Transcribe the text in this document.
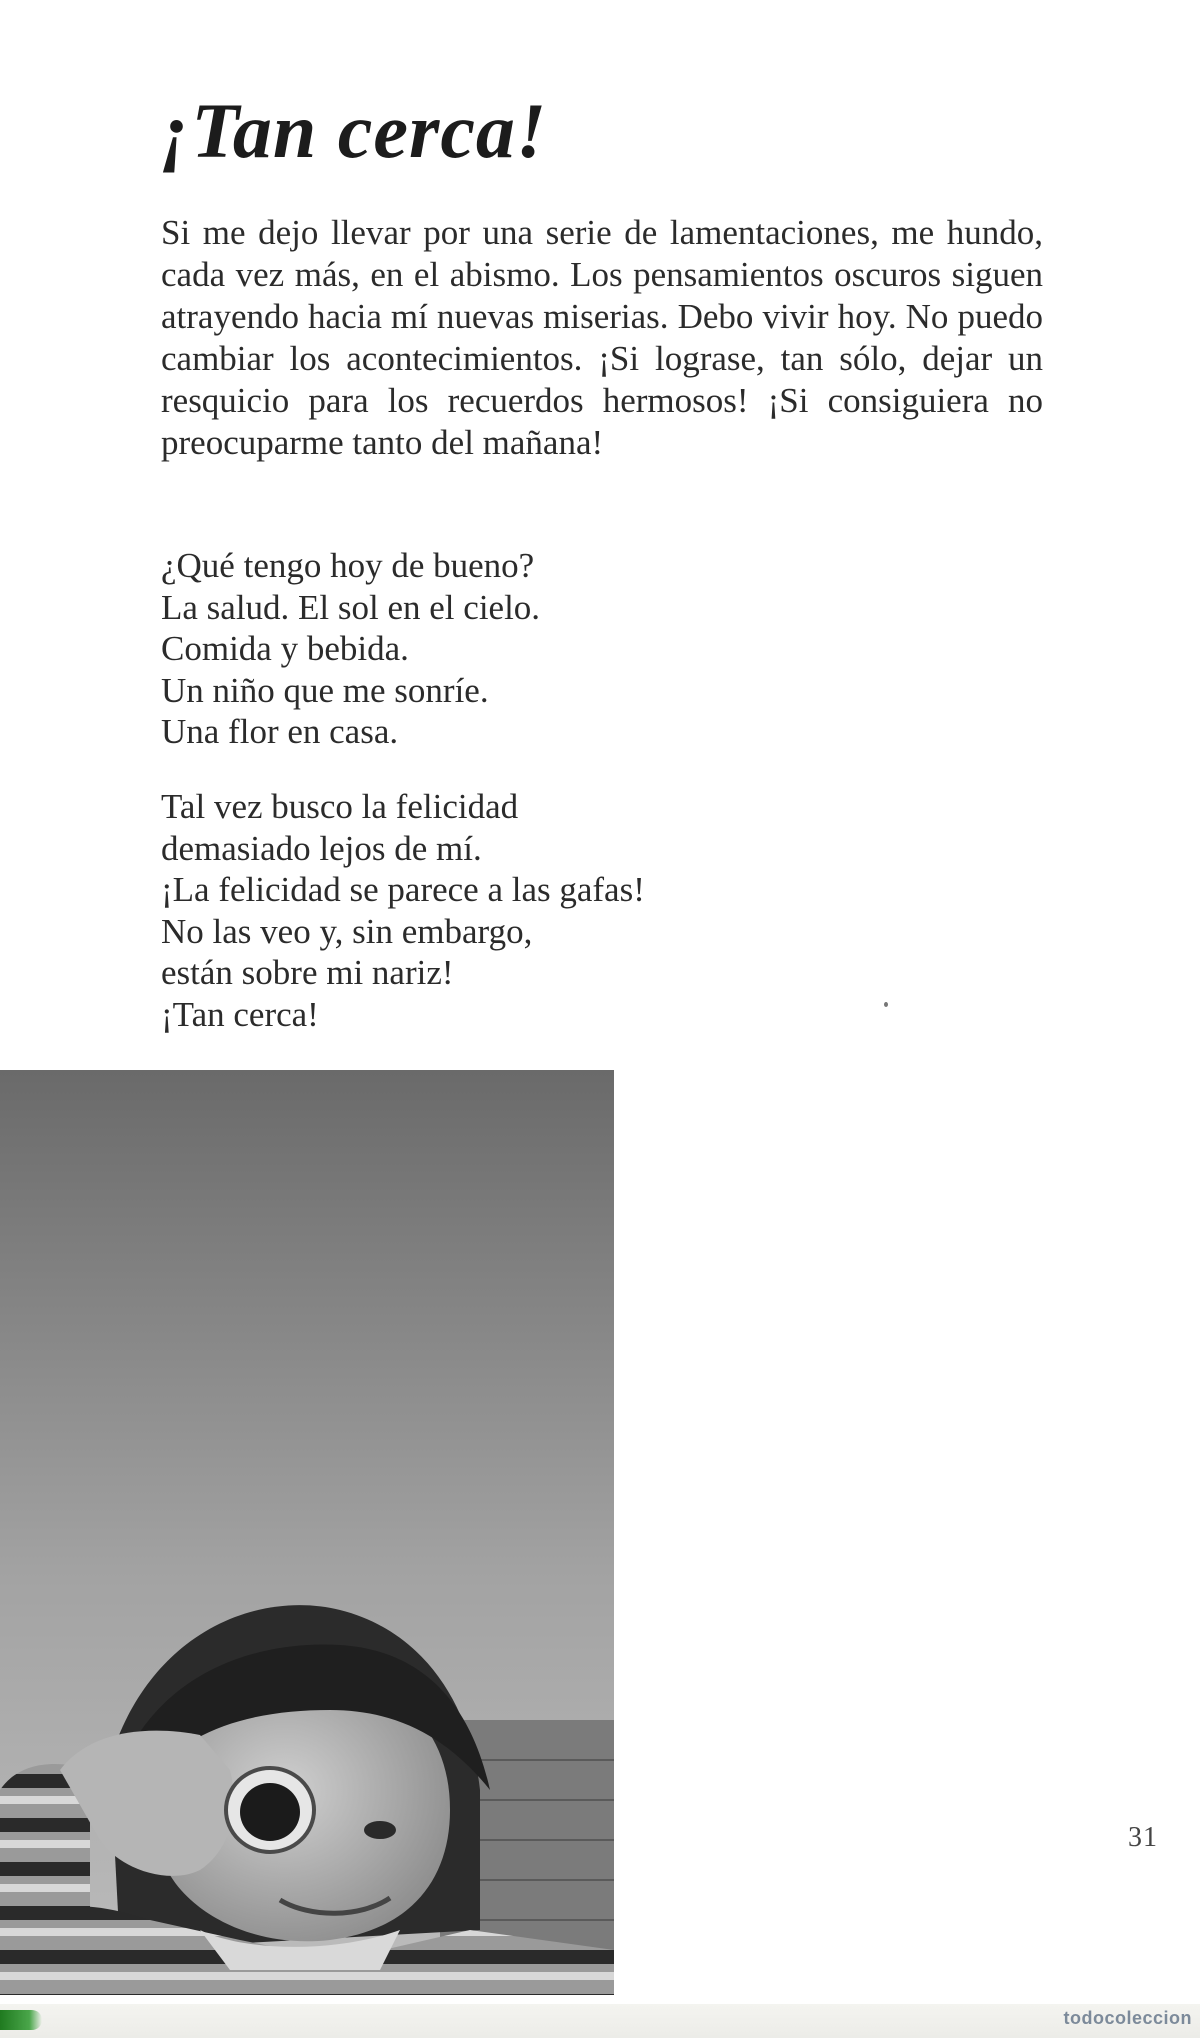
¡Tan cerca!

Si me dejo llevar por una serie de lamentaciones, me hundo, cada vez más, en el abismo. Los pensamientos oscuros siguen atrayendo hacia mí nuevas miserias. Debo vivir hoy. No puedo cambiar los acontecimientos. ¡Si lograse, tan sólo, dejar un resquicio para los recuerdos hermosos! ¡Si consiguiera no preocuparme tanto del mañana!

¿Qué tengo hoy de bueno?
La salud. El sol en el cielo.
Comida y bebida.
Un niño que me sonríe.
Una flor en casa.
Tal vez busco la felicidad
demasiado lejos de mí.
¡La felicidad se parece a las gafas!
No las veo y, sin embargo,
están sobre mi nariz!
¡Tan cerca!
31
todocoleccion
